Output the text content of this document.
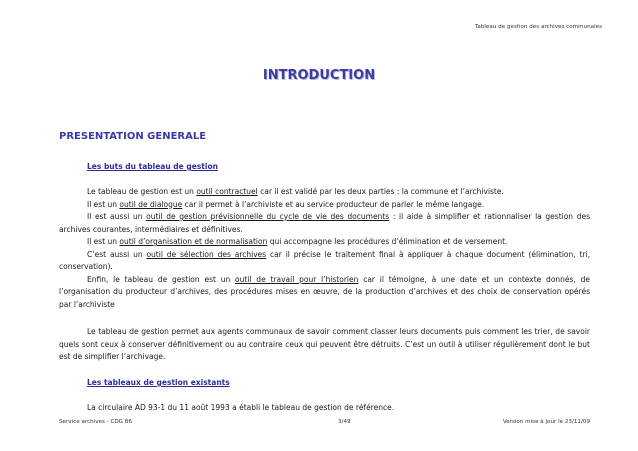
Tableau de gestion des archives communales
INTRODUCTION
PRESENTATION GENERALE
Les buts du tableau de gestion

Le tableau de gestion est un outil contractuel car il est validé par les deux parties : la commune et l’archiviste.

Il est un outil de dialogue car il permet à l’archiviste et au service producteur de parler le même langage.

Il est aussi un outil de gestion prévisionnelle du cycle de vie des documents : il aide à simplifier et rationnaliser la gestion des archives courantes, intermédiaires et définitives.

Il est un outil d’organisation et de normalisation qui accompagne les procédures d’élimination et de versement.

C’est aussi un outil de sélection des archives car il précise le traitement final à appliquer à chaque document (élimination, tri, conservation).

Enfin, le tableau de gestion est un outil de travail pour l’historien car il témoigne, à une date et un contexte donnés, de l’organisation du producteur d’archives, des procédures mises en œuvre, de la production d’archives et des choix de conservation opérés par l’archiviste

Le tableau de gestion permet aux agents communaux de savoir comment classer leurs documents puis comment les trier, de savoir quels sont ceux à conserver définitivement ou au contraire ceux qui peuvent être détruits. C’est un outil à utiliser régulièrement dont le but est de simplifier l’archivage.

Les tableaux de gestion existants

La circulaire AD 93-1 du 11 août 1993 a établi le tableau de gestion de référence.

Service archives - CDG 86	3/49	Version mise à jour le 23/11/09
